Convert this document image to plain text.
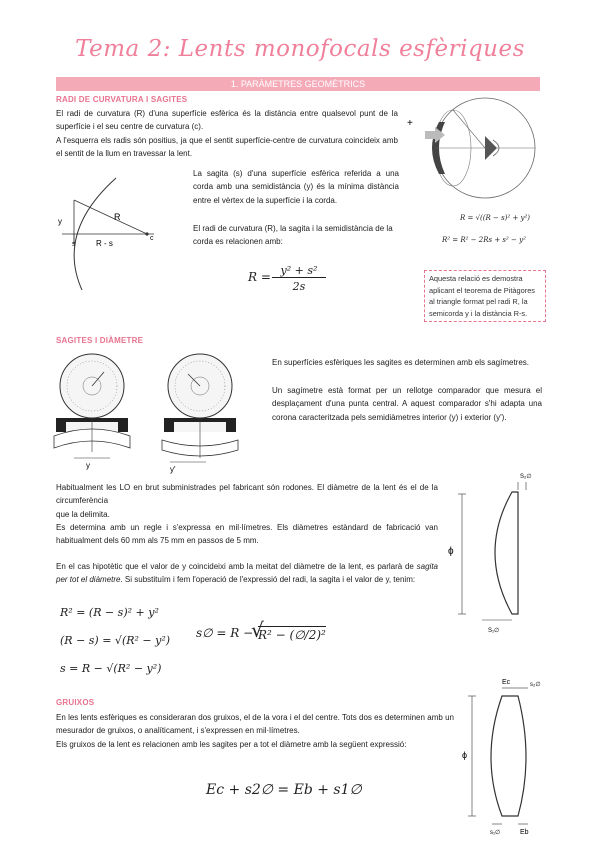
Tema 2: Lents monofocals esfèriques
1. PARÀMETRES GEOMÈTRICS
RADI DE CURVATURA I SAGITES
El radi de curvatura (R) d'una superfície esfèrica és la distància entre qualsevol punt de la superfície i el seu centre de curvatura (c).
A l'esquerra els radis són positius, ja que el sentit superfície-centre de curvatura coincideix amb el sentit de la llum en travessar la lent.
La sagita (s) d'una superfície esfèrica referida a una corda amb una semidistància (y) és la mínima distància entre el vèrtex de la superfície i la corda.
El radi de curvatura (R), la sagita i la semidistància de la corda es relacionen amb:
R = y² + s²
2s
R
c
y
s	R - s
+
R = √((R − s)² + y²)
R² = R² − 2Rs + s² − y²
Aquesta relació es demostra aplicant el teorema de Pitàgores al triangle format pel radi R, la semicorda y i la distància R-s.
SAGITES I DIÀMETRE
y	y'
En superfícies esfèriques les sagites es determinen amb els sagímetres.
Un sagímetre està format per un rellotge comparador que mesura el desplaçament d'una punta central. A aquest comparador s'hi adapta una corona caracteritzada pels semidiàmetres interior (y) i exterior (y').
Habitualment les LO en brut subministrades pel fabricant són rodones. El diàmetre de la lent és el de la circumferència
que la delimita.
Es determina amb un regle i s'expressa en mil·límetres. Els diàmetres estàndard de fabricació van habitualment dels 60 mm als 75 mm en passos de 5 mm.
En el cas hipotètic que el valor de y coincideixi amb la meitat del diàmetre de la lent, es parlarà de sagita per tot el diàmetre. Si substituïm i fem l'operació de l'expressió del radi, la sagita i el valor de y, tenim:
ϕ
S₂∅
S₁∅
R² = (R − s)² + y²
(R − s) = √(R² − y²)
s = R − √(R² − y²)
s∅ = R − R² − (∅/2)²
√
GRUIXOS
En les lents esfèriques es consideraran dos gruixos, el de la vora i el del centre. Tots dos es determinen amb un mesurador de gruixos, o analíticament, i s'expressen en mil·límetres.
Els gruixos de la lent es relacionen amb les sagites per a tot el diàmetre amb la següent expressió:
Ec + s2∅ = Eb + s1∅
ϕ
Ec	s₂∅
s₁∅	Eb
